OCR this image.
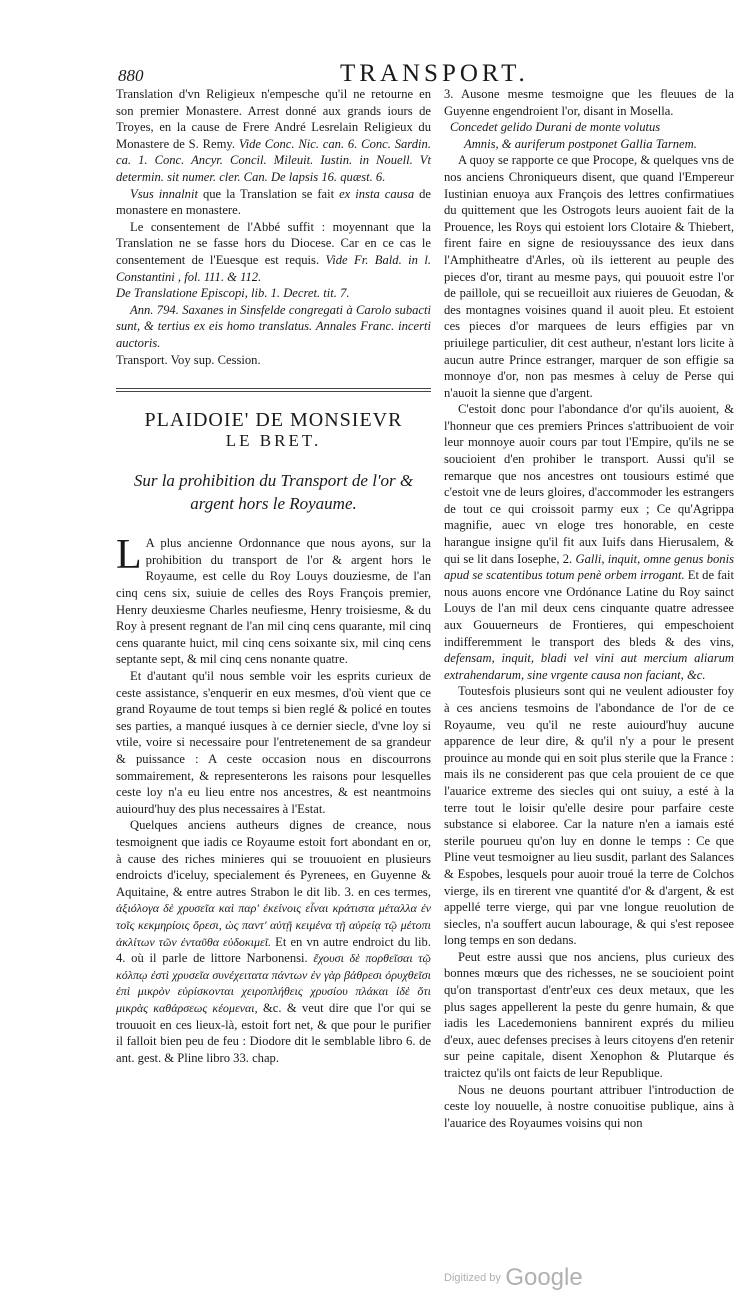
880	TRANSPORT.

Translation d'vn Religieux n'empesche qu'il ne retourne en son premier Monastere. Arrest donné aux grands iours de Troyes, en la cause de Frere André Lesrelain Religieux du Monastere de S. Remy. Vide Conc. Nic. can. 6. Conc. Sardin. ca. 1. Conc. Ancyr. Concil. Mileuit. Iustin. in Nouell. Vt determin. sit numer. cler. Can. De lapsis 16. quæst. 6.

Vsus innalnit que la Translation se fait ex insta causa de monastere en monastere.

Le consentement de l'Abbé suffit : moyennant que la Translation ne se fasse hors du Diocese. Car en ce cas le consentement de l'Euesque est requis. Vide Fr. Bald. in l. Constantini , fol. 111. & 112.

De Translatione Episcopi, lib. 1. Decret. tit. 7.

Ann. 794. Saxanes in Sinsfelde congregati à Carolo subacti sunt, & tertius ex eis homo translatus. Annales Franc. incerti auctoris.

Transport. Voy sup. Cession.

PLAIDOIE' DE MONSIEVR
LE BRET.
Sur la prohibition du Transport de l'or & argent hors le Royaume.

L A plus ancienne Ordonnance que nous ayons, sur la prohibition du transport de l'or & argent hors le Royaume, est celle du Roy Louys douziesme, de l'an cinq cens six, suiuie de celles des Roys François premier, Henry deuxiesme Charles neufiesme, Henry troisiesme, & du Roy à present regnant de l'an mil cinq cens quarante, mil cinq cens quarante huict, mil cinq cens soixante six, mil cinq cens septante sept, & mil cinq cens nonante quatre.

Et d'autant qu'il nous semble voir les esprits curieux de ceste assistance, s'enquerir en eux mesmes, d'où vient que ce grand Royaume de tout temps si bien reglé & policé en toutes ses parties, a manqué iusques à ce dernier siecle, d'vne loy si vtile, voire si necessaire pour l'entretenement de sa grandeur & puissance : A ceste occasion nous en discourrons sommairement, & representerons les raisons pour lesquelles ceste loy n'a eu lieu entre nos ancestres, & est neantmoins auiourd'huy des plus necessaires à l'Estat.

Quelques anciens autheurs dignes de creance, nous tesmoignent que iadis ce Royaume estoit fort abondant en or, à cause des riches minieres qui se trouuoient en plusieurs endroicts d'iceluy, specialement és Pyrenees, en Guyenne & Aquitaine, & entre autres Strabon le dit lib. 3. en ces termes, ἀξιόλογα δὲ χρυσεῖα καὶ παρ' ἐκείνοις εἶναι κράτιστα μέταλλα ἐν τοῖς κεκμηρίοις ὄρεσι, ὡς παντ' αὐτῇ κειμένα τῇ αὐρείᾳ τῷ μέτοπι ἀκλίτων τῶν ἐνταῦθα εὐδοκιμεῖ. Et en vn autre endroict du lib. 4. où il parle de littore Narbonensi. ἔχουσι δὲ πορθεῖσαι τῷ κόλπῳ ἐστὶ χρυσεῖα συνέχειτατα πάντων ἐν γὰρ βάθρεσι ὀρυχθεῖσι ἐπὶ μικρὸν εὑρίσκονται χειροπλήθεις χρυσίου πλάκαι ἰδὲ ὅτι μικρὰς καθάρσεως κέομεναι, &c. & veut dire que l'or qui se trouuoit en ces lieux-là, estoit fort net, & que pour le purifier il falloit bien peu de feu : Diodore dit le semblable libro 6. de ant. gest. & Pline libro 33. chap.

3. Ausone mesme tesmoigne que les fleuues de la Guyenne engendroient l'or, disant in Mosella.

Concedet gelido Durani de monte volutus

Amnis, & auriferum postponet Gallia Tarnem.

A quoy se rapporte ce que Procope, & quelques vns de nos anciens Chroniqueurs disent, que quand l'Empereur Iustinian enuoya aux François des lettres confirmatiues du quittement que les Ostrogots leurs auoient fait de la Prouence, les Roys qui estoient lors Clotaire & Thiebert, firent faire en signe de resiouyssance des ieux dans l'Amphitheatre d'Arles, où ils ietterent au peuple des pieces d'or, tirant au mesme pays, qui pouuoit estre l'or de paillole, qui se recueilloit aux riuieres de Geuodan, & des montagnes voisines quand il auoit pleu. Et estoient ces pieces d'or marquees de leurs effigies par vn priuilege particulier, dit cest autheur, n'estant lors licite à aucun autre Prince estranger, marquer de son effigie sa monnoye d'or, non pas mesmes à celuy de Perse qui n'auoit la sienne que d'argent.

C'estoit donc pour l'abondance d'or qu'ils auoient, & l'honneur que ces premiers Princes s'attribuoient de voir leur monnoye auoir cours par tout l'Empire, qu'ils ne se soucioient d'en prohiber le transport. Aussi qu'il se remarque que nos ancestres ont tousiours estimé que c'estoit vne de leurs gloires, d'accommoder les estrangers de tout ce qui croissoit parmy eux ; Ce qu'Agrippa magnifie, auec vn eloge tres honorable, en ceste harangue insigne qu'il fit aux Iuifs dans Hierusalem, & qui se lit dans Iosephe, 2. Galli, inquit, omne genus bonis apud se scatentibus totum penè orbem irrogant. Et de fait nous auons encore vne Ordónance Latine du Roy sainct Louys de l'an mil deux cens cinquante quatre adressee aux Gouuerneurs de Frontieres, qui empeschoient indifferemment le transport des bleds & des vins, defensam, inquit, bladi vel vini aut mercium aliarum extrahendarum, sine vrgente causa non faciant, &c.

Toutesfois plusieurs sont qui ne veulent adiouster foy à ces anciens tesmoins de l'abondance de l'or de ce Royaume, veu qu'il ne reste auiourd'huy aucune apparence de leur dire, & qu'il n'y a pour le present prouince au monde qui en soit plus sterile que la France : mais ils ne considerent pas que cela prouient de ce que l'auarice extreme des siecles qui ont suiuy, a esté à la terre tout le loisir qu'elle desire pour parfaire ceste substance si elaboree. Car la nature n'en a iamais esté sterile pourueu qu'on luy en donne le temps : Ce que Pline veut tesmoigner au lieu susdit, parlant des Salances & Espobes, lesquels pour auoir troué la terre de Colchos vierge, ils en tirerent vne quantité d'or & d'argent, & est appellé terre vierge, qui par vne longue reuolution de siecles, n'a souffert aucun labourage, & qui s'est reposee long temps en son dedans.

Peut estre aussi que nos anciens, plus curieux des bonnes mœurs que des richesses, ne se soucioient point qu'on transportast d'entr'eux ces deux metaux, que les plus sages appellerent la peste du genre humain, & que iadis les Lacedemoniens bannirent exprés du milieu d'eux, auec defenses precises à leurs citoyens d'en retenir sur peine capitale, disent Xenophon & Plutarque és traictez qu'ils ont faicts de leur Republique.

Nous ne deuons pourtant attribuer l'introduction de ceste loy nouuelle, à nostre conuoitise publique, ains à l'auarice des Royaumes voisins qui non

Digitized by Google
